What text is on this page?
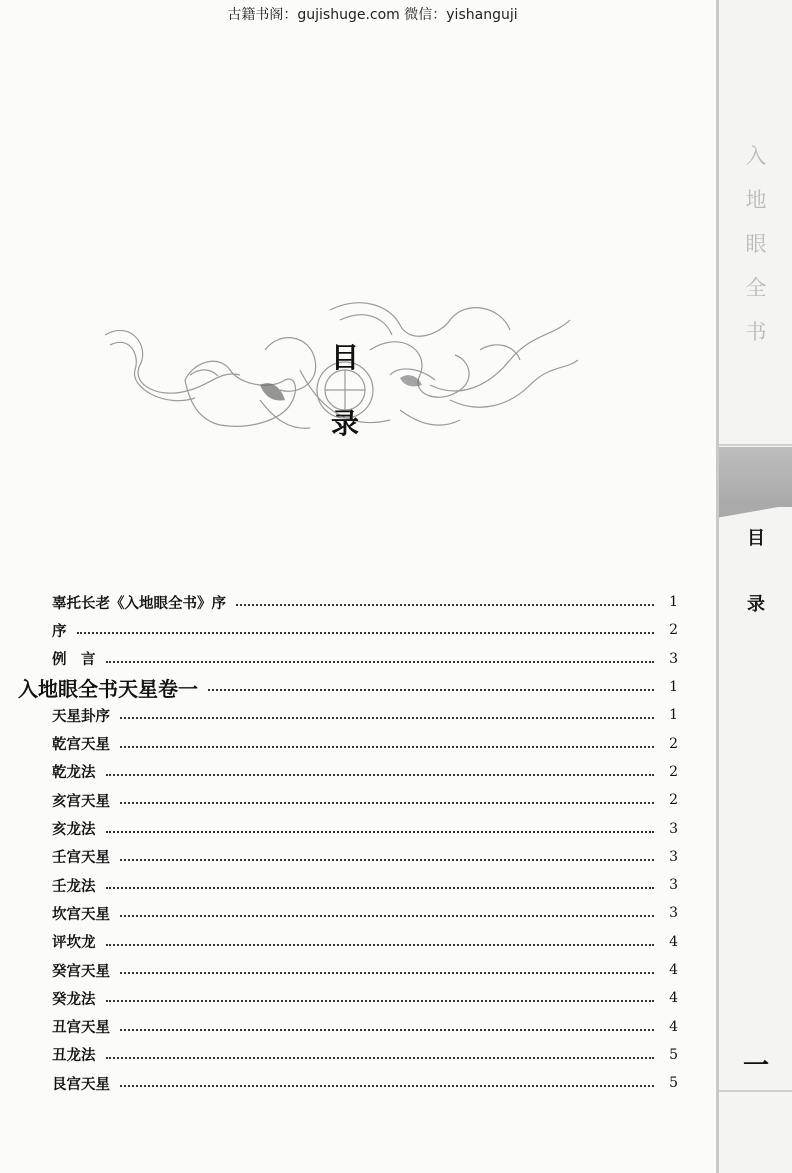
古籍书阁：gujishuge.com 微信：yishanguji
目
录
辜托长老《入地眼全书》序	1
序	2
例　言	3
入地眼全书天星卷一	1
天星卦序	1
乾宫天星	2
乾龙法	2
亥宫天星	2
亥龙法	3
壬宫天星	3
壬龙法	3
坎宫天星	3
评坎龙	4
癸宫天星	4
癸龙法	4
丑宫天星	4
丑龙法	5
艮宫天星	5
入
地
眼
全
书
目
录
一
